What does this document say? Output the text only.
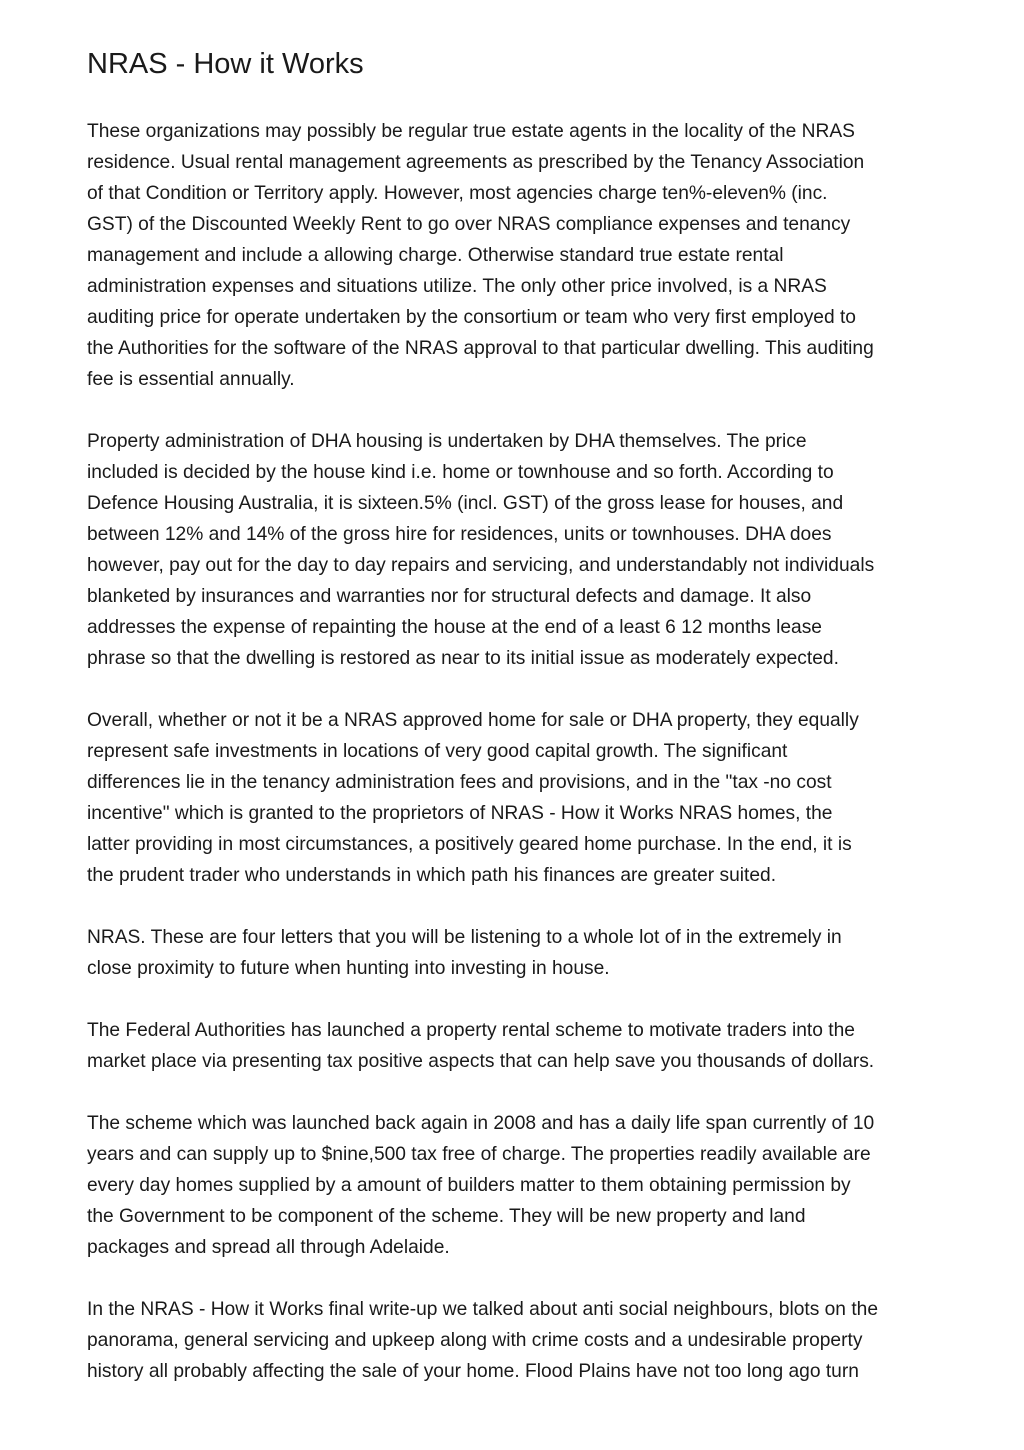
NRAS - How it Works

These organizations may possibly be regular true estate agents in the locality of the NRAS
residence. Usual rental management agreements as prescribed by the Tenancy Association
of that Condition or Territory apply. However, most agencies charge ten%-eleven% (inc.
GST) of the Discounted Weekly Rent to go over NRAS compliance expenses and tenancy
management and include a allowing charge. Otherwise standard true estate rental
administration expenses and situations utilize. The only other price involved, is a NRAS
auditing price for operate undertaken by the consortium or team who very first employed to
the Authorities for the software of the NRAS approval to that particular dwelling. This auditing
fee is essential annually.

Property administration of DHA housing is undertaken by DHA themselves. The price
included is decided by the house kind i.e. home or townhouse and so forth. According to
Defence Housing Australia, it is sixteen.5% (incl. GST) of the gross lease for houses, and
between 12% and 14% of the gross hire for residences, units or townhouses. DHA does
however, pay out for the day to day repairs and servicing, and understandably not individuals
blanketed by insurances and warranties nor for structural defects and damage. It also
addresses the expense of repainting the house at the end of a least 6 12 months lease
phrase so that the dwelling is restored as near to its initial issue as moderately expected.

Overall, whether or not it be a NRAS approved home for sale or DHA property, they equally
represent safe investments in locations of very good capital growth. The significant
differences lie in the tenancy administration fees and provisions, and in the "tax -no cost
incentive" which is granted to the proprietors of NRAS - How it Works NRAS homes, the
latter providing in most circumstances, a positively geared home purchase. In the end, it is
the prudent trader who understands in which path his finances are greater suited.

NRAS. These are four letters that you will be listening to a whole lot of in the extremely in
close proximity to future when hunting into investing in house.

The Federal Authorities has launched a property rental scheme to motivate traders into the
market place via presenting tax positive aspects that can help save you thousands of dollars.

The scheme which was launched back again in 2008 and has a daily life span currently of 10
years and can supply up to $nine,500 tax free of charge. The properties readily available are
every day homes supplied by a amount of builders matter to them obtaining permission by
the Government to be component of the scheme. They will be new property and land
packages and spread all through Adelaide.

In the NRAS - How it Works final write-up we talked about anti social neighbours, blots on the
panorama, general servicing and upkeep along with crime costs and a undesirable property
history all probably affecting the sale of your home. Flood Plains have not too long ago turn
